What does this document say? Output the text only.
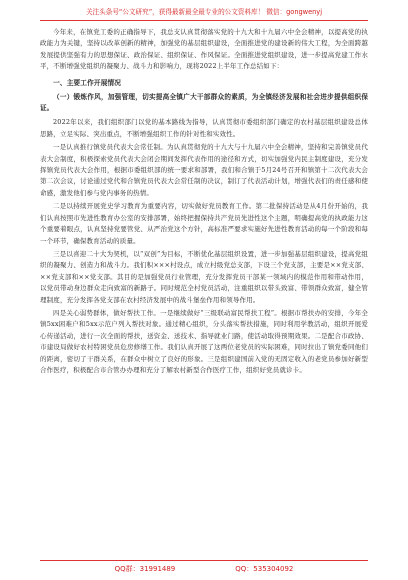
关注头条号“公文研究”，获得最新最全最专业的公文资料库！ 微信：gongwenyj

今年来，在镇党工委的正确指导下，我总支认真贯彻落实党的十九大和十九届六中全会精神，以提高党的执政能力为关键，坚持以改革创新的精神，加强党的基层组织建设，全面推进党的建设新的伟大工程，为全面跨越发展提供坚强有力的思想保证、政治保证、组织保证、作风保证。全面推进党组织建设，进一步提高党建工作水平，不断增强党组织的凝聚力、战斗力和影响力，现将2022上半年工作总结如下：

一、主要工作开展情况

（一）锻炼作风，加强管理，切实提高全镇广大干部群众的素质，为全镇经济发展和社会进步提供组织保证。

2022年以来，我们组织部门以党的基本路线为指导，认真贯彻市委组织部门确定的农村基层组织建设总体思路，立足实际、突出重点，不断增强组织工作的针对性和实效性。

一是认真推行镇党员代表大会常任制。为认真贯彻党的十九大与十九届六中全会精神，坚持和完善镇党员代表大会制度，积极探索党员代表大会闭会期间发挥代表作用的途径和方式，切实加强党内民主制度建设，充分发挥镇党员代表大会作用，根据市委组织部的统一要求和部署，我们和合镇于5月24号召开和镇第十二次代表大会第二次会议，讨论通过党代和合镇党员代表大会常任制的决议，制订了代表活动计划，增强代表们的责任感和使命感，激发他们参与党内事务的热情。

二是以持续开展党史学习教育为重要内容，切实做好党员教育工作。第二批保持活动是从4月份开始的，我们认真按照市先进性教育办公室的安排部署，始终把握保持共产党员先进性这个主题，明确提高党的执政能力这个重要着眼点，认真坚持党要管党、从严治党这个方针，高标准严要求实施好先进性教育活动的每一个阶段和每一个环节，确保教育活动的质量。

三是以喜迎二十大为契机，以“双创”为目标，不断优化基层组织设置，进一步加强基层组织建设，提高党组织的凝聚力、创造力和战斗力。我们积×××村设点，成立村级党总支部，下设三个党支部，主要是××党支部、××党支部和××党支部。其目的是加强党员行业管理，充分发挥党员干部某一领域内的模范作用和带动作用，以党员带动身边群众走向致富的新路子。同时规范全村党员活动，注重组织以带头致富、带领群众致富，健全管理制度，充分发挥各党支部在农村经济发展中的战斗堡垒作用和领导作用。

四是关心弱势群体，做好帮扶工作。一是继续做好“三级联动富民帮扶工程”。根据市帮扶办的安排，今年全镇5xx困难户和5xx示范户列入帮扶对象。通过精心组织，分头落实帮扶措施，同时利用学教活动，组织开展爱心传递活动，进行一次全面的帮扶，送资金、送技术、指导就业门路，使活动取得预期效果。二是配合市政协、市建设局做好农村特困党员危房修缮工作。我们认真开展了这两位老党员的实际困难，同时拉出了镇党委同他们的距离，密切了干群关系，在群众中树立了良好的形象。三是组织建国前入党的无固定收入的老党员参加好新型合作医疗，积极配合市合管办办理和充分了解农村新型合作医疗工作，组织好党员就诊卡。

QQ群：31991489	QQ：535304092
